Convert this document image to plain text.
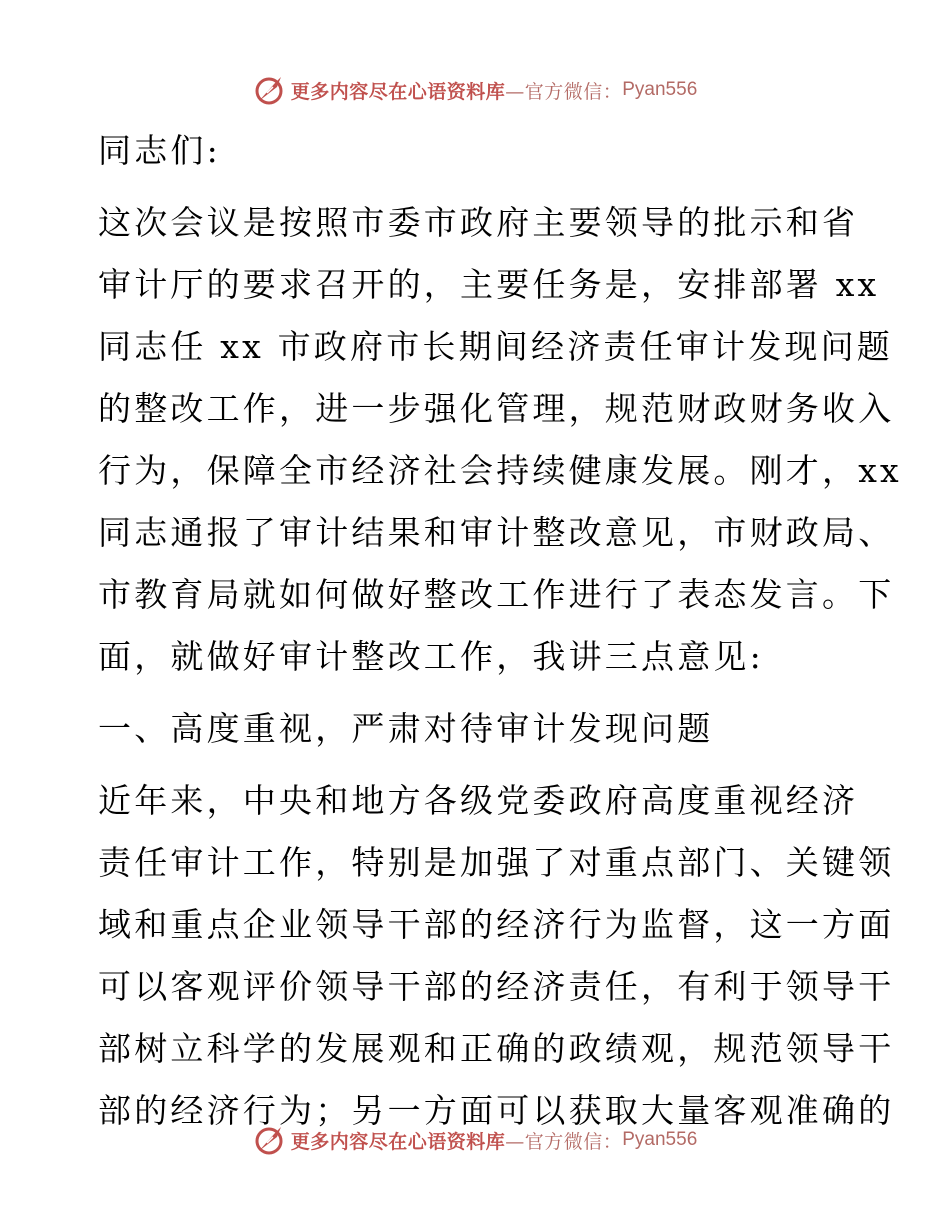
更多内容尽在心语资料库 —官方微信： Pyan556
同志们:
这次会议是按照市委市政府主要领导的批示和省
审计厅的要求召开的，主要任务是，安排部署 xx
同志任 xx 市政府市长期间经济责任审计发现问题
的整改工作，进一步强化管理，规范财政财务收入
行为，保障全市经济社会持续健康发展。刚才，xx
同志通报了审计结果和审计整改意见，市财政局、
市教育局就如何做好整改工作进行了表态发言。下
面，就做好审计整改工作，我讲三点意见:
一、高度重视，严肃对待审计发现问题
近年来，中央和地方各级党委政府高度重视经济
责任审计工作，特别是加强了对重点部门、关键领
域和重点企业领导干部的经济行为监督，这一方面
可以客观评价领导干部的经济责任，有利于领导干
部树立科学的发展观和正确的政绩观，规范领导干
部的经济行为；另一方面可以获取大量客观准确的
更多内容尽在心语资料库 —官方微信： Pyan556
